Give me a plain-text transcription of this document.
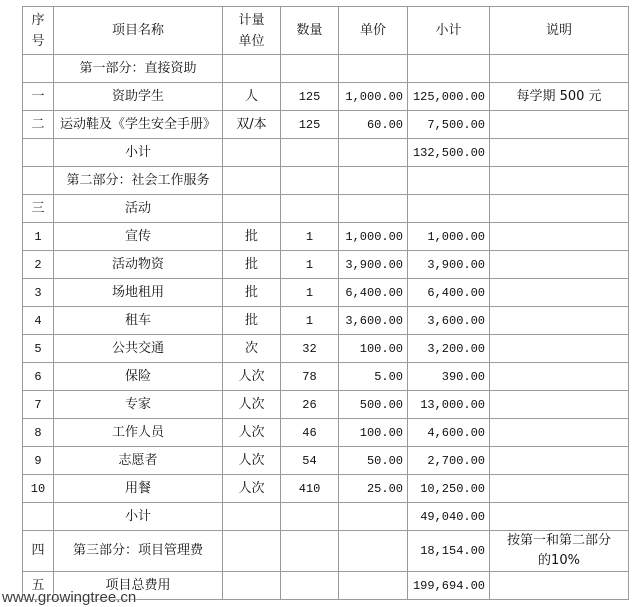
序号	项目名称	计量单位	数量	单价	小计	说明
	第一部分：直接资助					
一	资助学生	人	125	1,000.00	125,000.00	每学期 500 元
二	运动鞋及《学生安全手册》	双/本	125	60.00	7,500.00	
	小计				132,500.00	
	第二部分：社会工作服务					
三	活动					
1	宣传	批	1	1,000.00	1,000.00	
2	活动物资	批	1	3,900.00	3,900.00	
3	场地租用	批	1	6,400.00	6,400.00	
4	租车	批	1	3,600.00	3,600.00	
5	公共交通	次	32	100.00	3,200.00	
6	保险	人次	78	5.00	390.00	
7	专家	人次	26	500.00	13,000.00	
8	工作人员	人次	46	100.00	4,600.00	
9	志愿者	人次	54	50.00	2,700.00	
10	用餐	人次	410	25.00	10,250.00	
	小计				49,040.00	
四	第三部分：项目管理费				18,154.00	按第一和第二部分的10%
五	项目总费用				199,694.00	
www.growingtree.cn
